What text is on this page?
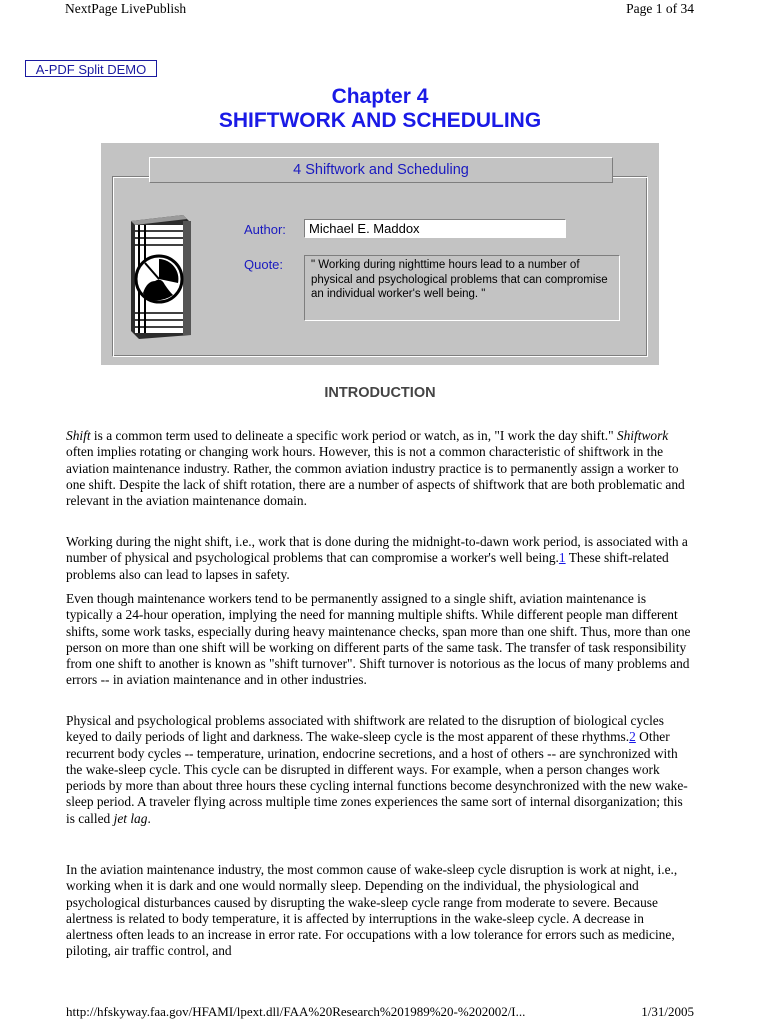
NextPage LivePublish	Page 1 of 34
A-PDF Split DEMO
Chapter 4
SHIFTWORK AND SCHEDULING
4 Shiftwork and Scheduling
Author:	Michael E. Maddox
Quote:	" Working during nighttime hours lead to a number of physical and psychological problems that can compromise an individual worker's well being. "
INTRODUCTION

Shift is a common term used to delineate a specific work period or watch, as in, "I work the day shift." Shiftwork often implies rotating or changing work hours. However, this is not a common characteristic of shiftwork in the aviation maintenance industry. Rather, the common aviation industry practice is to permanently assign a worker to one shift. Despite the lack of shift rotation, there are a number of aspects of shiftwork that are both problematic and relevant in the aviation maintenance domain.

Working during the night shift, i.e., work that is done during the midnight-to-dawn work period, is associated with a number of physical and psychological problems that can compromise a worker's well being.1 These shift-related problems also can lead to lapses in safety.

Even though maintenance workers tend to be permanently assigned to a single shift, aviation maintenance is typically a 24-hour operation, implying the need for manning multiple shifts. While different people man different shifts, some work tasks, especially during heavy maintenance checks, span more than one shift. Thus, more than one person on more than one shift will be working on different parts of the same task. The transfer of task responsibility from one shift to another is known as "shift turnover". Shift turnover is notorious as the locus of many problems and errors -- in aviation maintenance and in other industries.

Physical and psychological problems associated with shiftwork are related to the disruption of biological cycles keyed to daily periods of light and darkness. The wake-sleep cycle is the most apparent of these rhythms.2 Other recurrent body cycles -- temperature, urination, endocrine secretions, and a host of others -- are synchronized with the wake-sleep cycle. This cycle can be disrupted in different ways. For example, when a person changes work periods by more than about three hours these cycling internal functions become desynchronized with the new wake-sleep period. A traveler flying across multiple time zones experiences the same sort of internal disorganization; this is called jet lag.

In the aviation maintenance industry, the most common cause of wake-sleep cycle disruption is work at night, i.e., working when it is dark and one would normally sleep. Depending on the individual, the physiological and psychological disturbances caused by disrupting the wake-sleep cycle range from moderate to severe. Because alertness is related to body temperature, it is affected by interruptions in the wake-sleep cycle. A decrease in alertness often leads to an increase in error rate. For occupations with a low tolerance for errors such as medicine, piloting, air traffic control, and

http://hfskyway.faa.gov/HFAMI/lpext.dll/FAA%20Research%201989%20-%202002/I...	1/31/2005
